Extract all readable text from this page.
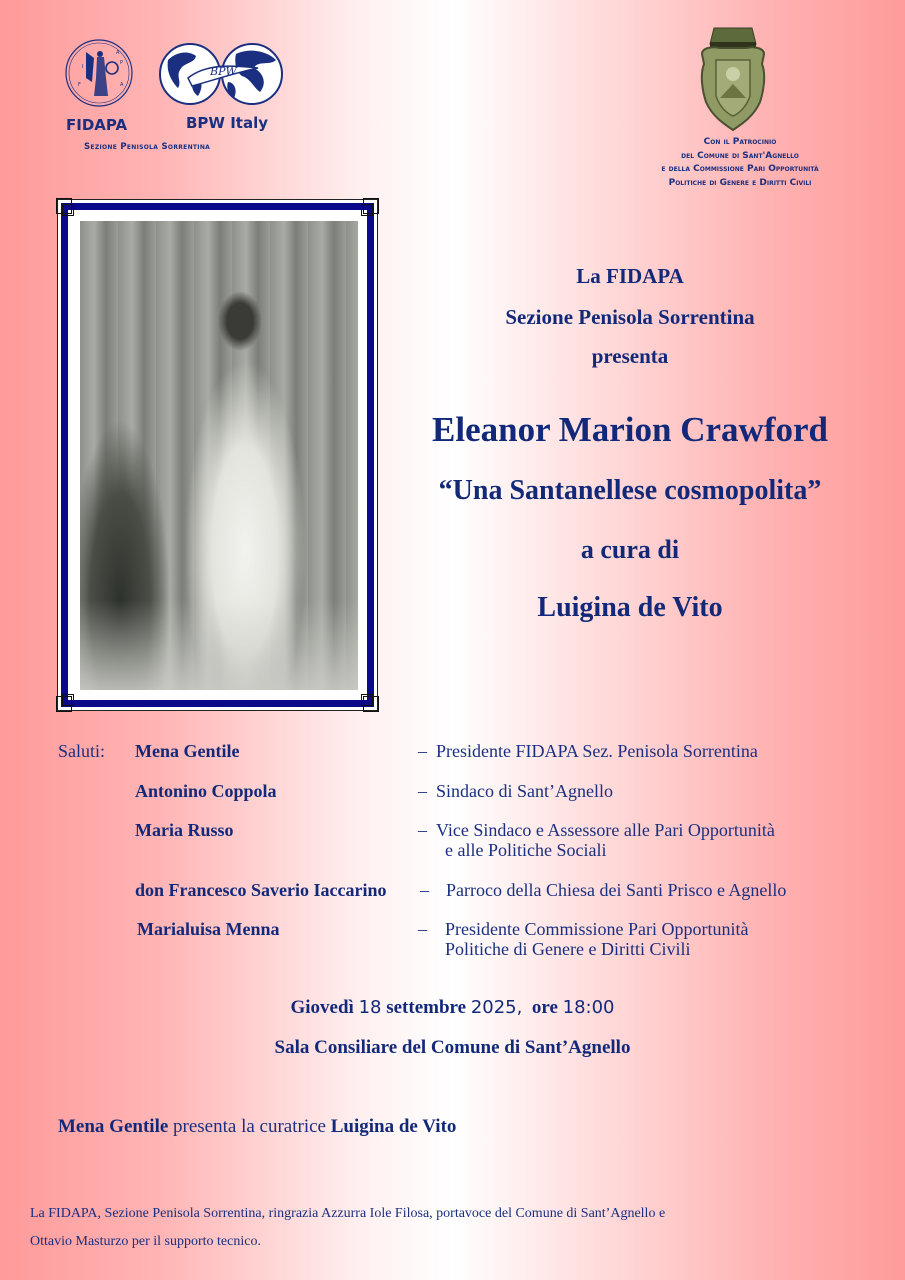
I
A
P
A
F
BPW
FIDAPA	BPW Italy
Sezione Penisola Sorrentina	Con il Patrocinio
del Comune di Sant'Agnello
e della Commissione Pari Opportunità
Politiche di Genere e Diritti Civili
La FIDAPA
Sezione Penisola Sorrentina
presenta
Eleanor Marion Crawford
“Una Santanellese cosmopolita”
a cura di
Luigina de Vito
Saluti: Mena Gentile	– Presidente FIDAPA Sez. Penisola Sorrentina
Antonino Coppola	– Sindaco di Sant’Agnello
Maria Russo	– Vice Sindaco e Assessore alle Pari Opportunità
e alle Politiche Sociali
don Francesco Saverio Iaccarino – Parroco della Chiesa dei Santi Prisco e Agnello
Marialuisa Menna	– Presidente Commissione Pari Opportunità
Politiche di Genere e Diritti Civili
Giovedì 18 settembre 2025, ore 18:00
Sala Consiliare del Comune di Sant’Agnello
Mena Gentile presenta la curatrice Luigina de Vito
La FIDAPA, Sezione Penisola Sorrentina, ringrazia Azzurra Iole Filosa, portavoce del Comune di Sant’Agnello e
Ottavio Masturzo per il supporto tecnico.
